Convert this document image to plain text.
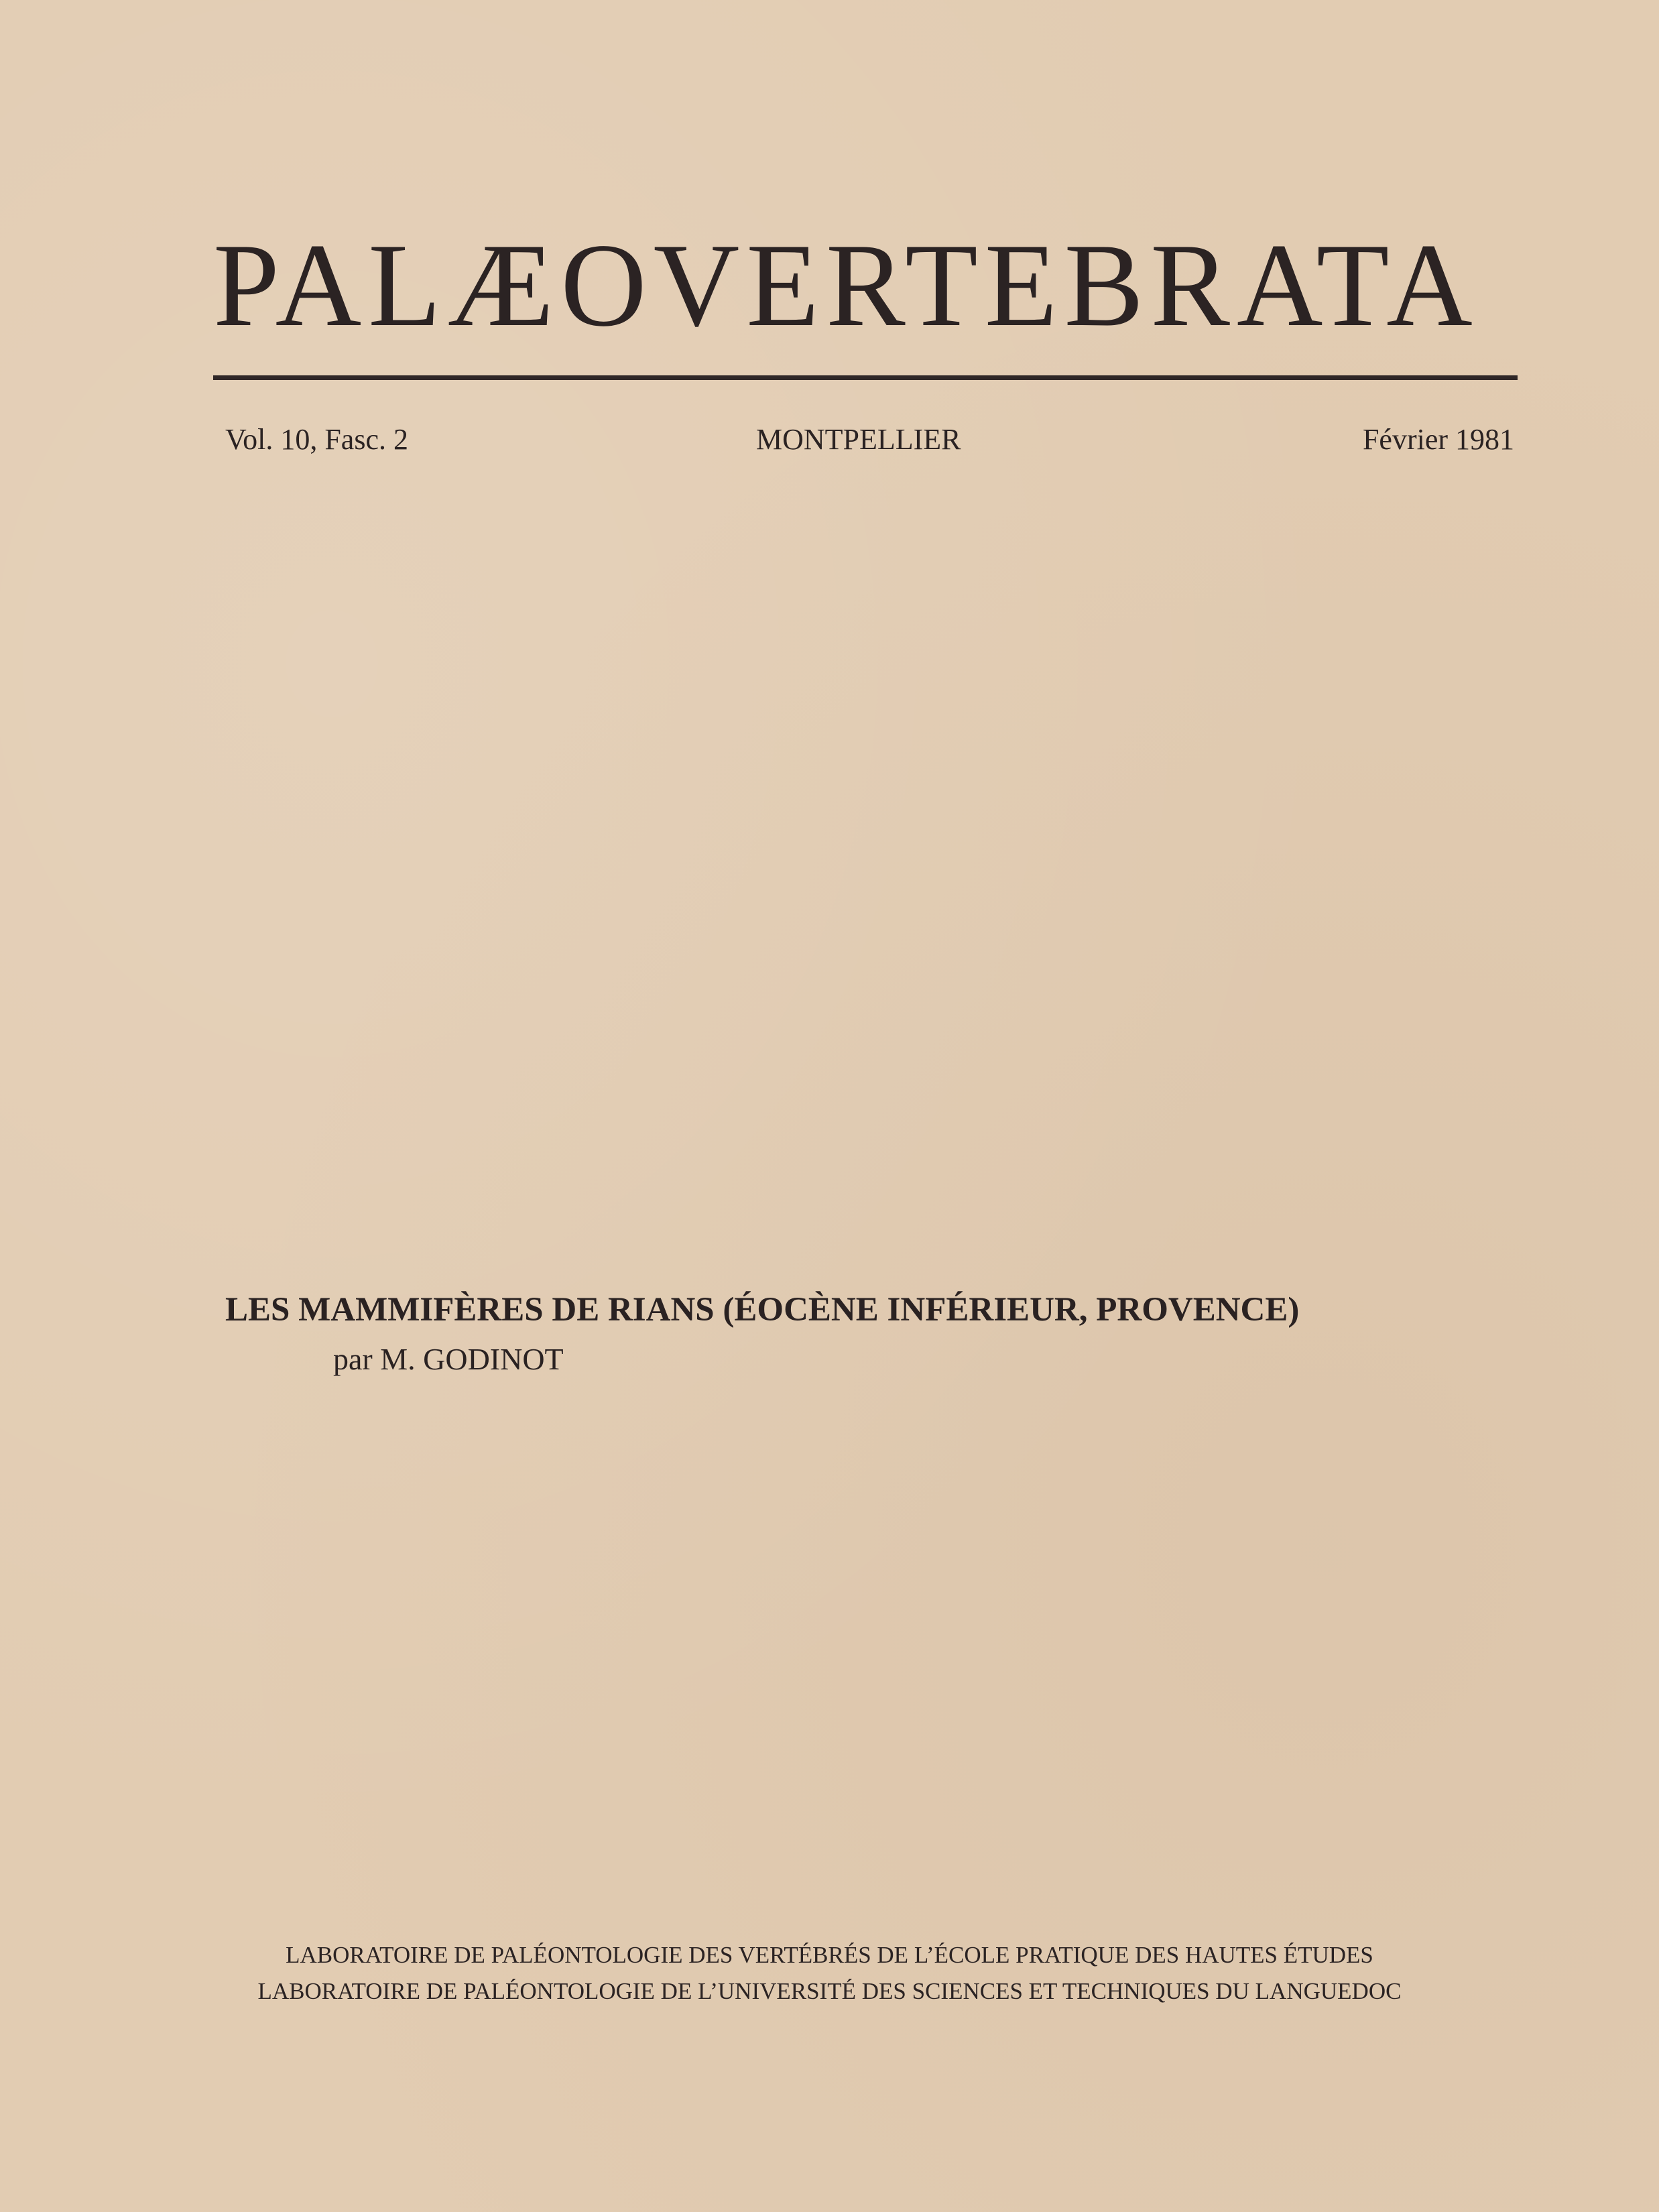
PALÆOVERTEBRATA
Vol. 10, Fasc. 2	MONTPELLIER	Février 1981
LES MAMMIFÈRES DE RIANS (ÉOCÈNE INFÉRIEUR, PROVENCE)
par M. GODINOT
LABORATOIRE DE PALÉONTOLOGIE DES VERTÉBRÉS DE L’ÉCOLE PRATIQUE DES HAUTES ÉTUDES
LABORATOIRE DE PALÉONTOLOGIE DE L’UNIVERSITÉ DES SCIENCES ET TECHNIQUES DU LANGUEDOC
